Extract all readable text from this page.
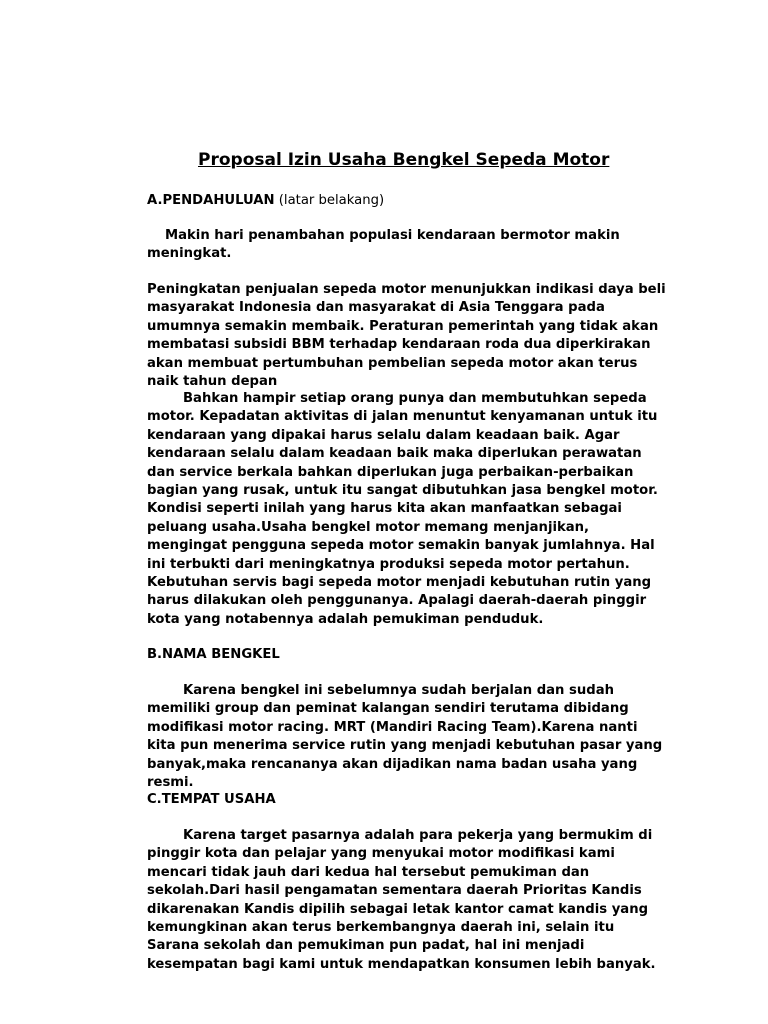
Proposal Izin Usaha Bengkel Sepeda Motor
A.PENDAHULUAN (latar belakang)

Makin hari penambahan populasi kendaraan bermotor makin meningkat.

Peningkatan penjualan sepeda motor menunjukkan indikasi daya beli masyarakat Indonesia dan masyarakat di Asia Tenggara pada umumnya semakin membaik. Peraturan pemerintah yang tidak akan membatasi subsidi BBM terhadap kendaraan roda dua diperkirakan akan membuat pertumbuhan pembelian sepeda motor akan terus naik tahun depan

Bahkan hampir setiap orang punya dan membutuhkan sepeda motor. Kepadatan aktivitas di jalan menuntut kenyamanan untuk itu kendaraan yang dipakai harus selalu dalam keadaan baik. Agar kendaraan selalu dalam keadaan baik maka diperlukan perawatan dan service berkala bahkan diperlukan juga perbaikan-perbaikan bagian yang rusak, untuk itu sangat dibutuhkan jasa bengkel motor. Kondisi seperti inilah yang harus kita akan manfaatkan sebagai peluang usaha.Usaha bengkel motor memang menjanjikan, mengingat pengguna sepeda motor semakin banyak jumlahnya. Hal ini terbukti dari meningkatnya produksi sepeda motor pertahun. Kebutuhan servis bagi sepeda motor menjadi kebutuhan rutin yang harus dilakukan oleh penggunanya. Apalagi daerah-daerah pinggir kota yang notabennya adalah pemukiman penduduk.

B.NAMA BENGKEL

Karena bengkel ini sebelumnya sudah berjalan dan sudah memiliki group dan peminat kalangan sendiri terutama dibidang modifikasi motor racing. MRT (Mandiri Racing Team).Karena nanti kita pun menerima service rutin yang menjadi kebutuhan pasar yang banyak,maka rencananya akan dijadikan nama badan usaha yang resmi.

C.TEMPAT USAHA

Karena target pasarnya adalah para pekerja yang bermukim di pinggir kota dan pelajar yang menyukai motor modifikasi kami mencari tidak jauh dari kedua hal tersebut pemukiman dan sekolah.Dari hasil pengamatan sementara daerah Prioritas Kandis dikarenakan Kandis dipilih sebagai letak kantor camat kandis yang kemungkinan akan terus berkembangnya daerah ini, selain itu Sarana sekolah dan pemukiman pun padat, hal ini menjadi kesempatan bagi kami untuk mendapatkan konsumen lebih banyak.
